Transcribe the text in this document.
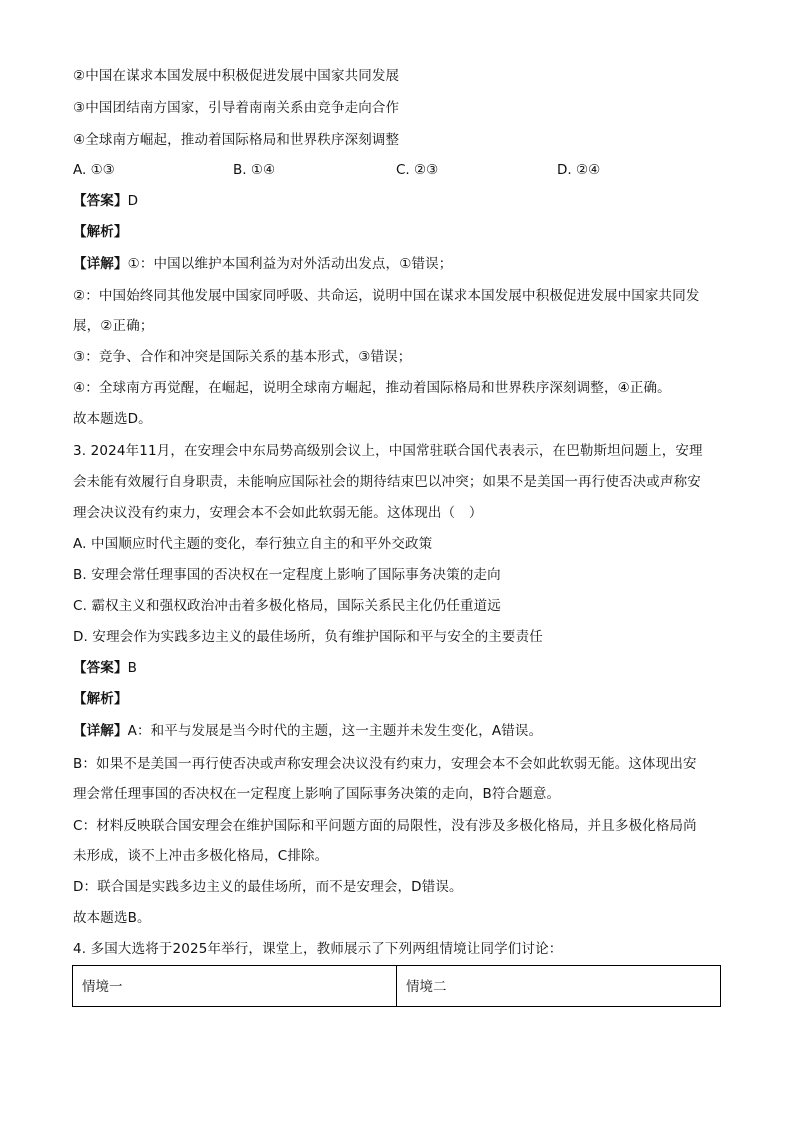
②中国在谋求本国发展中积极促进发展中国家共同发展
③中国团结南方国家，引导着南南关系由竞争走向合作
④全球南方崛起，推动着国际格局和世界秩序深刻调整
A. ①③	B. ①④	C. ②③	D. ②④
【答案】D
【解析】
【详解】①：中国以维护本国利益为对外活动出发点，①错误；
②：中国始终同其他发展中国家同呼吸、共命运，说明中国在谋求本国发展中积极促进发展中国家共同发
展，②正确；
③：竞争、合作和冲突是国际关系的基本形式，③错误；
④：全球南方再觉醒，在崛起，说明全球南方崛起，推动着国际格局和世界秩序深刻调整，④正确。
故本题选D。
3. 2024年11月，在安理会中东局势高级别会议上，中国常驻联合国代表表示，在巴勒斯坦问题上，安理
会未能有效履行自身职责，未能响应国际社会的期待结束巴以冲突；如果不是美国一再行使否决或声称安
理会决议没有约束力，安理会本不会如此软弱无能。这体现出（　）
A. 中国顺应时代主题的变化，奉行独立自主的和平外交政策
B. 安理会常任理事国的否决权在一定程度上影响了国际事务决策的走向
C. 霸权主义和强权政治冲击着多极化格局，国际关系民主化仍任重道远
D. 安理会作为实践多边主义的最佳场所，负有维护国际和平与安全的主要责任
【答案】B
【解析】
【详解】A：和平与发展是当今时代的主题，这一主题并未发生变化，A错误。
B：如果不是美国一再行使否决或声称安理会决议没有约束力，安理会本不会如此软弱无能。这体现出安
理会常任理事国的否决权在一定程度上影响了国际事务决策的走向，B符合题意。
C：材料反映联合国安理会在维护国际和平问题方面的局限性，没有涉及多极化格局，并且多极化格局尚
未形成，谈不上冲击多极化格局，C排除。
D：联合国是实践多边主义的最佳场所，而不是安理会，D错误。
故本题选B。
4. 多国大选将于2025年举行，课堂上，教师展示了下列两组情境让同学们讨论：
情境一	情境二
